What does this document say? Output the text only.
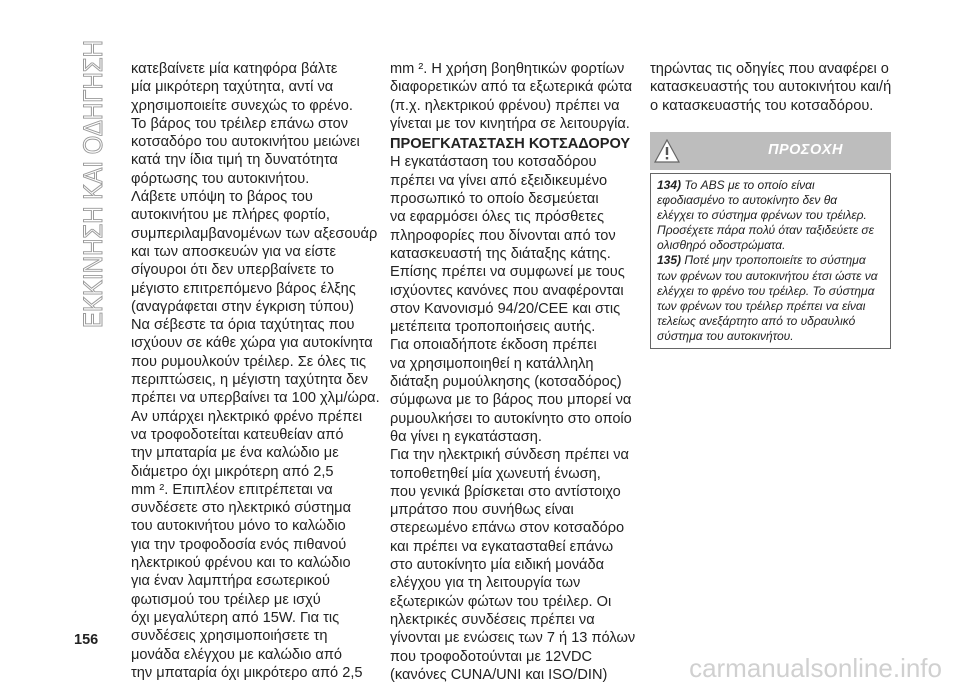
ΕΚΚΙΝΗΣΗ ΚΑΙ ΟΔΗΓΗΣΗ κατεβαίνετε μία κατηφόρα βάλτε

μία μικρότερη ταχύτητα, αντί να

χρησιμοποιείτε συνεχώς το φρένο.

Το βάρος του τρέιλερ επάνω στον

κοτσαδόρο του αυτοκινήτου μειώνει

κατά την ίδια τιμή τη δυνατότητα

φόρτωσης του αυτοκινήτου.

Λάβετε υπόψη το βάρος του

αυτοκινήτου με πλήρες φορτίο,

συμπεριλαμβανομένων των αξεσουάρ

και των αποσκευών για να είστε

σίγουροι ότι δεν υπερβαίνετε το

μέγιστο επιτρεπόμενο βάρος έλξης

(αναγράφεται στην έγκριση τύπου)

Να σέβεστε τα όρια ταχύτητας που

ισχύουν σε κάθε χώρα για αυτοκίνητα

που ρυμουλκούν τρέιλερ. Σε όλες τις

περιπτώσεις, η μέγιστη ταχύτητα δεν

πρέπει να υπερβαίνει τα 100 χλμ/ώρα.

Αν υπάρχει ηλεκτρικό φρένο πρέπει

να τροφοδοτείται κατευθείαν από

την μπαταρία με ένα καλώδιο με

διάμετρο όχι μικρότερη από 2,5

mm ². Επιπλέον επιτρέπεται να

συνδέσετε στο ηλεκτρικό σύστημα

του αυτοκινήτου μόνο το καλώδιο

για την τροφοδοσία ενός πιθανού

ηλεκτρικού φρένου και το καλώδιο

για έναν λαμπτήρα εσωτερικού

φωτισμού του τρέιλερ με ισχύ

όχι μεγαλύτερη από 15W. Για τις

συνδέσεις χρησιμοποιήσετε τη

μονάδα ελέγχου με καλώδιο από

την μπαταρία όχι μικρότερο από 2,5

mm ². Η χρήση βοηθητικών φορτίων

διαφορετικών από τα εξωτερικά φώτα

(π.χ. ηλεκτρικού φρένου) πρέπει να

γίνεται με τον κινητήρα σε λειτουργία.

ΠΡΟΕΓΚΑΤΑΣΤΑΣΗ ΚΟΤΣΑΔΟΡΟΥ

Η εγκατάσταση του κοτσαδόρου

πρέπει να γίνει από εξειδικευμένο

προσωπικό το οποίο δεσμεύεται

να εφαρμόσει όλες τις πρόσθετες

πληροφορίες που δίνονται από τον

κατασκευαστή της διάταξης κάτης.

Επίσης πρέπει να συμφωνεί με τους

ισχύοντες κανόνες που αναφέρονται

στον Κανονισμό 94/20/CEE και στις

μετέπειτα τροποποιήσεις αυτής.

Για οποιαδήποτε έκδοση πρέπει

να χρησιμοποιηθεί η κατάλληλη

διάταξη ρυμούλκησης (κοτσαδόρος)

σύμφωνα με το βάρος που μπορεί να

ρυμουλκήσει το αυτοκίνητο στο οποίο

θα γίνει η εγκατάσταση.

Για την ηλεκτρική σύνδεση πρέπει να

τοποθετηθεί μία χωνευτή ένωση,

που γενικά βρίσκεται στο αντίστοιχο

μπράτσο που συνήθως είναι

στερεωμένο επάνω στον κοτσαδόρο

και πρέπει να εγκατασταθεί επάνω

στο αυτοκίνητο μία ειδική μονάδα

ελέγχου για τη λειτουργία των

εξωτερικών φώτων του τρέιλερ. Οι

ηλεκτρικές συνδέσεις πρέπει να

γίνονται με ενώσεις των 7 ή 13 πόλων

που τροφοδοτούνται με 12VDC

(κανόνες CUNA/UNI και ISO/DIN)

τηρώντας τις οδηγίες που αναφέρει ο

κατασκευαστής του αυτοκινήτου και/ή

ο κατασκευαστής του κοτσαδόρου.

ΠΡΟΣΟΧΗ

134) Το ABS με το οποίο είναι

εφοδιασμένο το αυτοκίνητο δεν θα

ελέγχει το σύστημα φρένων του τρέιλερ.

Προσέχετε πάρα πολύ όταν ταξιδεύετε σε

ολισθηρό οδοστρώματα.

135) Ποτέ μην τροποποιείτε το σύστημα

των φρένων του αυτοκινήτου έτσι ώστε να

ελέγχει το φρένο του τρέιλερ. Το σύστημα

των φρένων του τρέιλερ πρέπει να είναι

τελείως ανεξάρτητο από το υδραυλικό

σύστημα του αυτοκινήτου.

156
carmanualsonline.info
